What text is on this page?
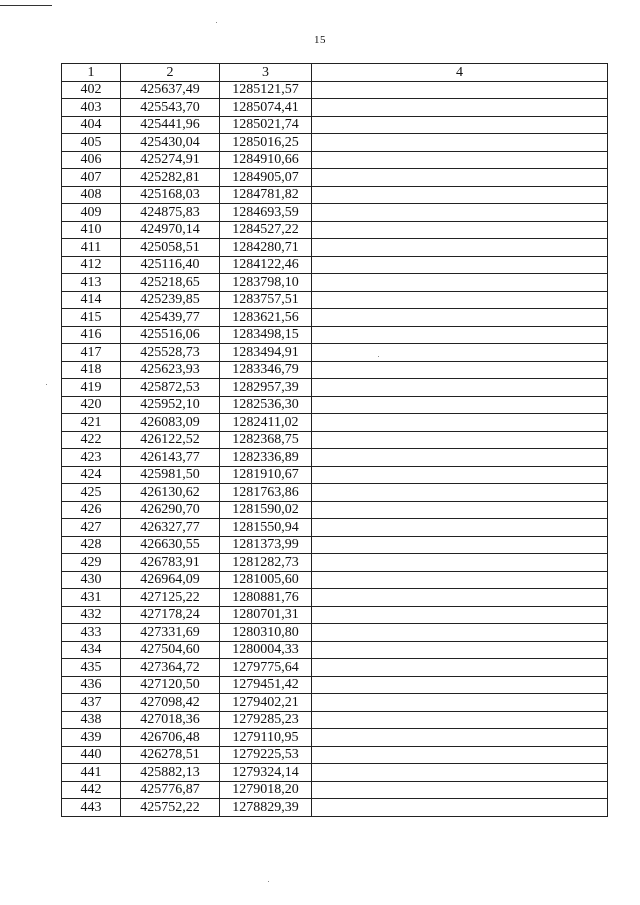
15
1	2	3	4
402	425637,49	1285121,57	
403	425543,70	1285074,41	
404	425441,96	1285021,74	
405	425430,04	1285016,25	
406	425274,91	1284910,66	
407	425282,81	1284905,07	
408	425168,03	1284781,82	
409	424875,83	1284693,59	
410	424970,14	1284527,22	
411	425058,51	1284280,71	
412	425116,40	1284122,46	
413	425218,65	1283798,10	
414	425239,85	1283757,51	
415	425439,77	1283621,56	
416	425516,06	1283498,15	
417	425528,73	1283494,91	
418	425623,93	1283346,79	
419	425872,53	1282957,39	
420	425952,10	1282536,30	
421	426083,09	1282411,02	
422	426122,52	1282368,75	
423	426143,77	1282336,89	
424	425981,50	1281910,67	
425	426130,62	1281763,86	
426	426290,70	1281590,02	
427	426327,77	1281550,94	
428	426630,55	1281373,99	
429	426783,91	1281282,73	
430	426964,09	1281005,60	
431	427125,22	1280881,76	
432	427178,24	1280701,31	
433	427331,69	1280310,80	
434	427504,60	1280004,33	
435	427364,72	1279775,64	
436	427120,50	1279451,42	
437	427098,42	1279402,21	
438	427018,36	1279285,23	
439	426706,48	1279110,95	
440	426278,51	1279225,53	
441	425882,13	1279324,14	
442	425776,87	1279018,20	
443	425752,22	1278829,39	
